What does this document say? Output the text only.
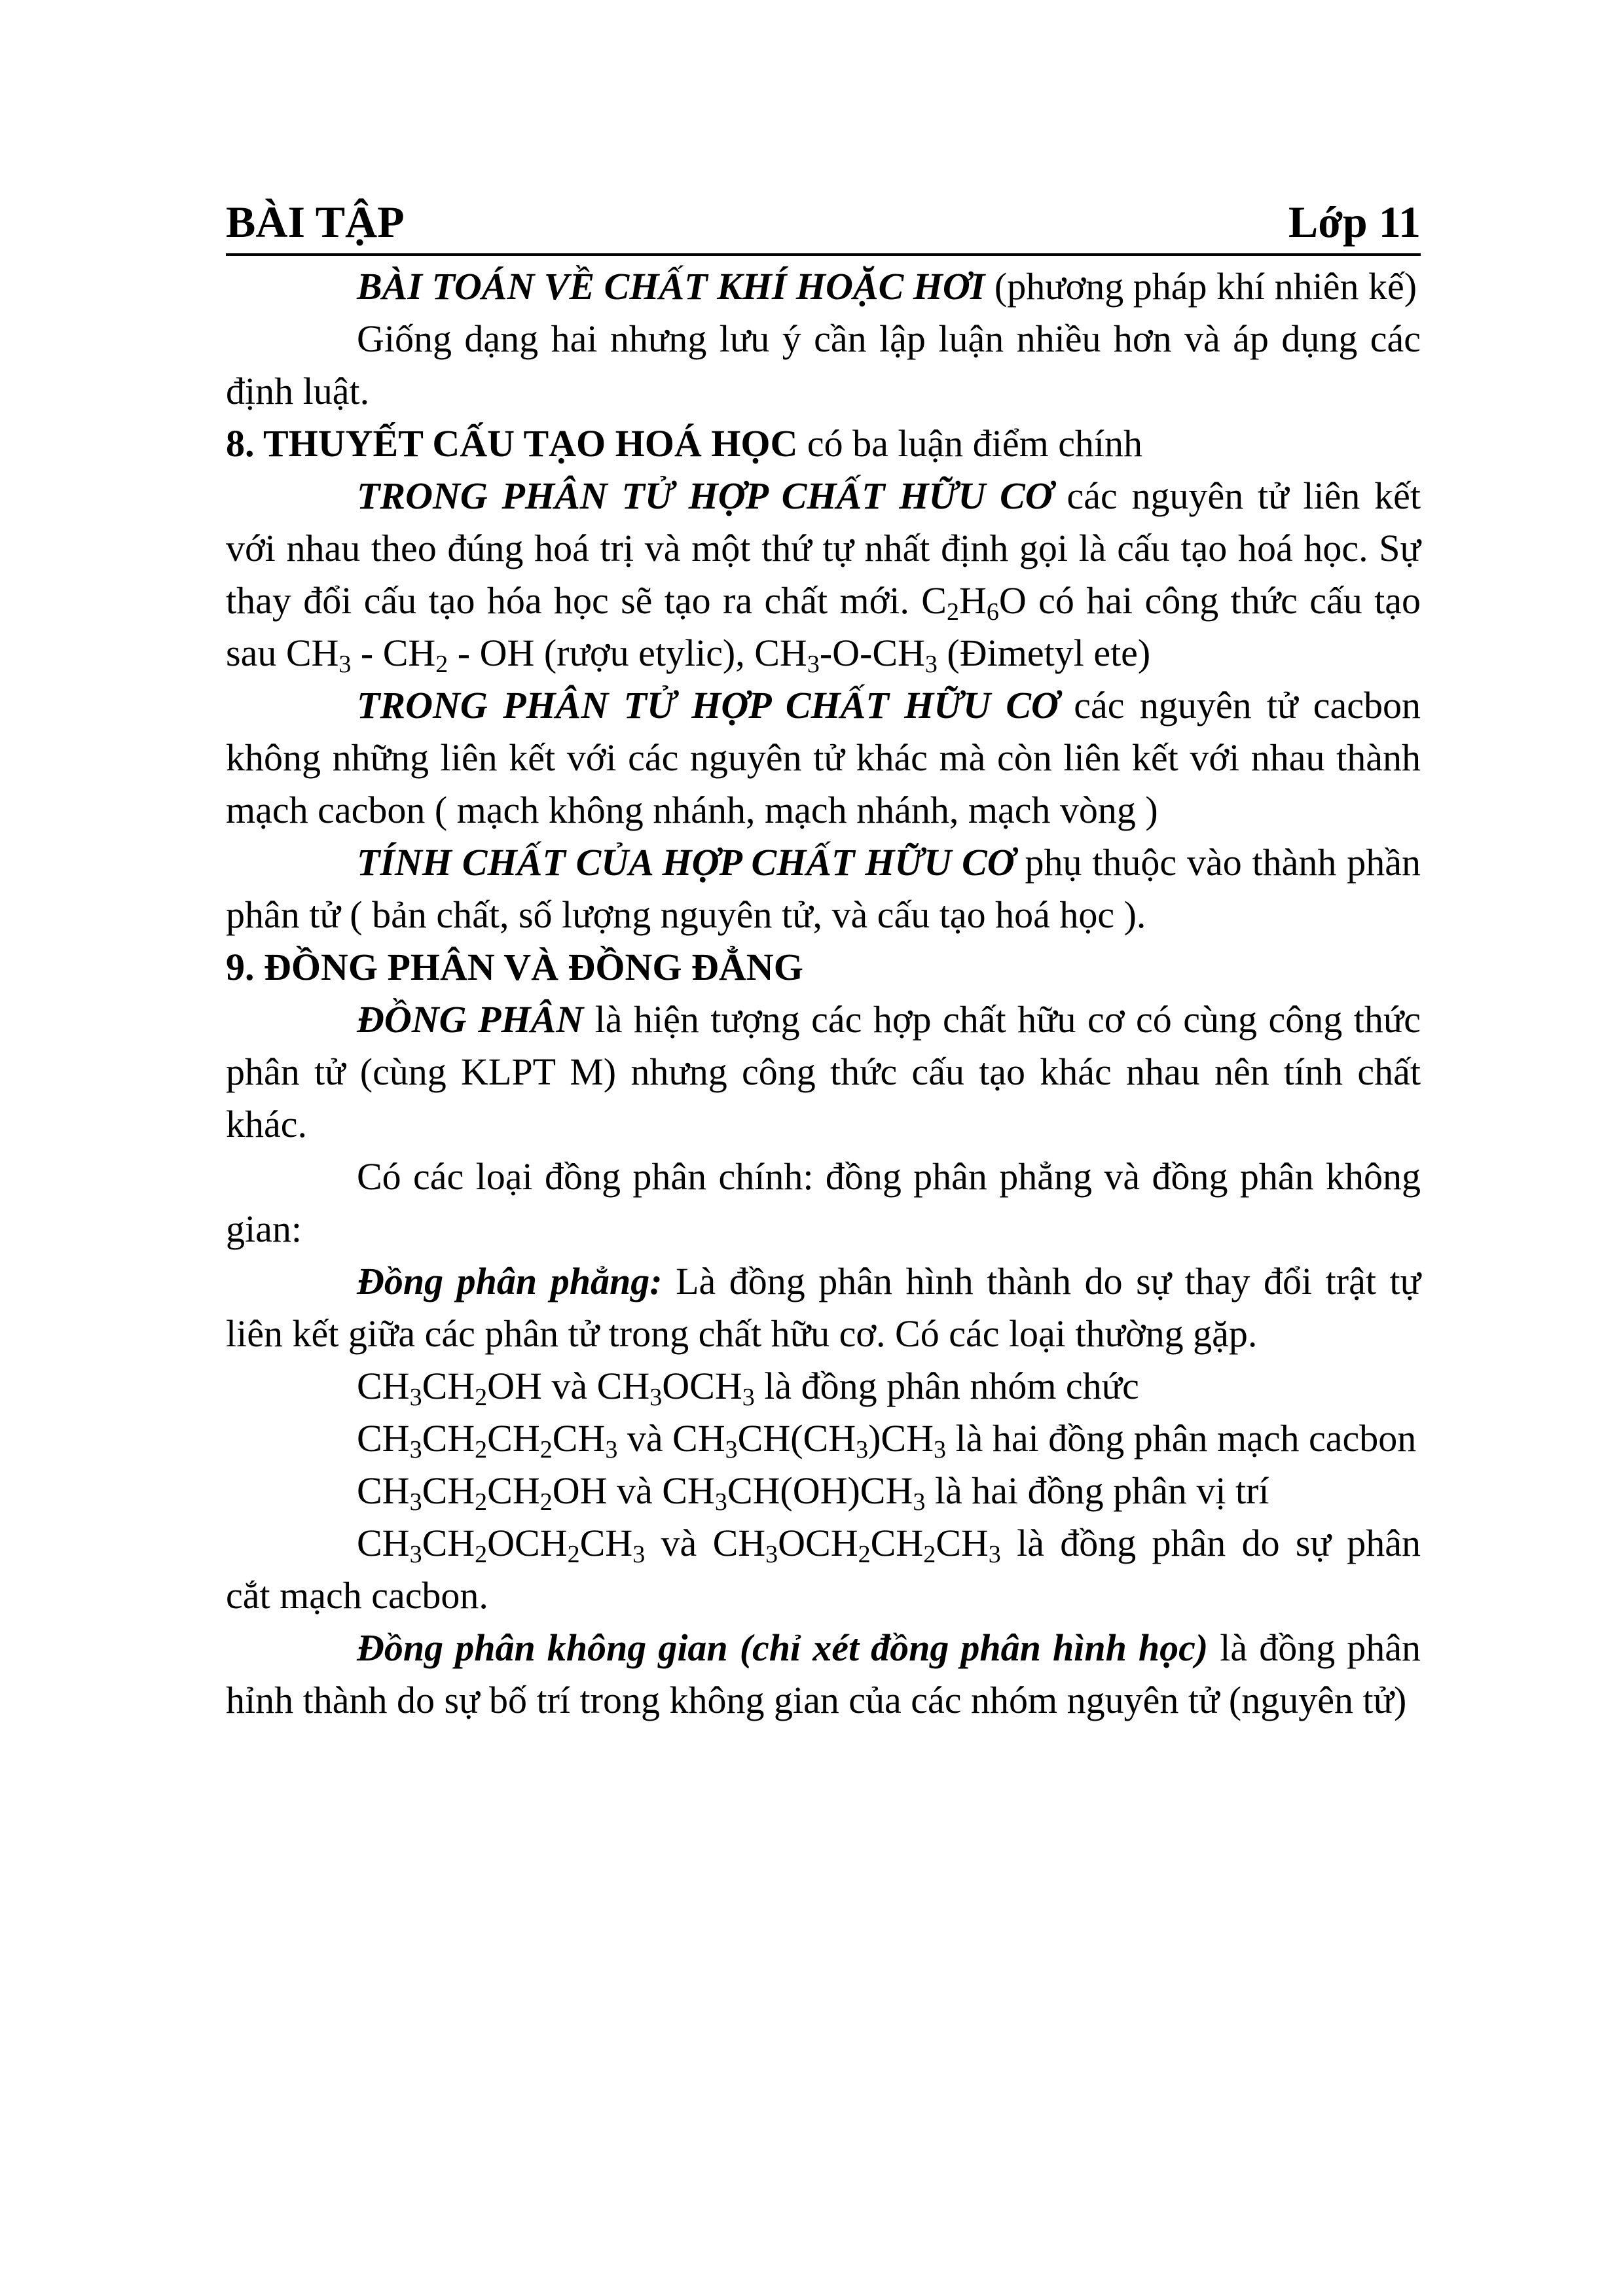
BÀI TẬP	Lớp 11

BÀI TOÁN VỀ CHẤT KHÍ HOẶC HƠI (phương pháp khí nhiên kế)

Giống dạng hai nhưng lưu ý cần lập luận nhiều hơn và áp dụng các định luật.

8. THUYẾT CẤU TẠO HOÁ HỌC có ba luận điểm chính

TRONG PHÂN TỬ HỢP CHẤT HỮU CƠ các nguyên tử liên kết với nhau theo đúng hoá trị và một thứ tự nhất định gọi là cấu tạo hoá học. Sự thay đổi cấu tạo hóa học sẽ tạo ra chất mới. $C_2H_6O$ có hai công thức cấu tạo sau $CH_3 - CH_2$ - OH (rượu etylic), $CH_3-O-CH_3$ (Đimetyl ete)

TRONG PHÂN TỬ HỢP CHẤT HỮU CƠ các nguyên tử cacbon không những liên kết với các nguyên tử khác mà còn liên kết với nhau thành mạch cacbon ( mạch không nhánh, mạch nhánh, mạch vòng )

TÍNH CHẤT CỦA HỢP CHẤT HỮU CƠ phụ thuộc vào thành phần phân tử ( bản chất, số lượng nguyên tử, và cấu tạo hoá học ).

9. ĐỒNG PHÂN VÀ ĐỒNG ĐẲNG

ĐỒNG PHÂN là hiện tượng các hợp chất hữu cơ có cùng công thức phân tử (cùng KLPT M) nhưng công thức cấu tạo khác nhau nên tính chất khác.

Có các loại đồng phân chính: đồng phân phẳng và đồng phân không gian:

Đồng phân phẳng: Là đồng phân hình thành do sự thay đổi trật tự liên kết giữa các phân tử trong chất hữu cơ. Có các loại thường gặp.

$CH_3CH_2OH$ và $CH_3OCH_3$ là đồng phân nhóm chức

$CH_3CH_2CH_2CH_3$ và $CH_3CH(CH_3)CH_3$ là hai đồng phân mạch cacbon

$CH_3CH_2CH_2OH$ và $CH_3CH(OH)CH_3$ là hai đồng phân vị trí

$CH_3CH_2OCH_2CH_3$ và $CH_3OCH_2CH_2CH_3$ là đồng phân do sự phân cắt mạch cacbon.

Đồng phân không gian (chỉ xét đồng phân hình học) là đồng phân hỉnh thành do sự bố trí trong không gian của các nhóm nguyên tử (nguyên tử)
